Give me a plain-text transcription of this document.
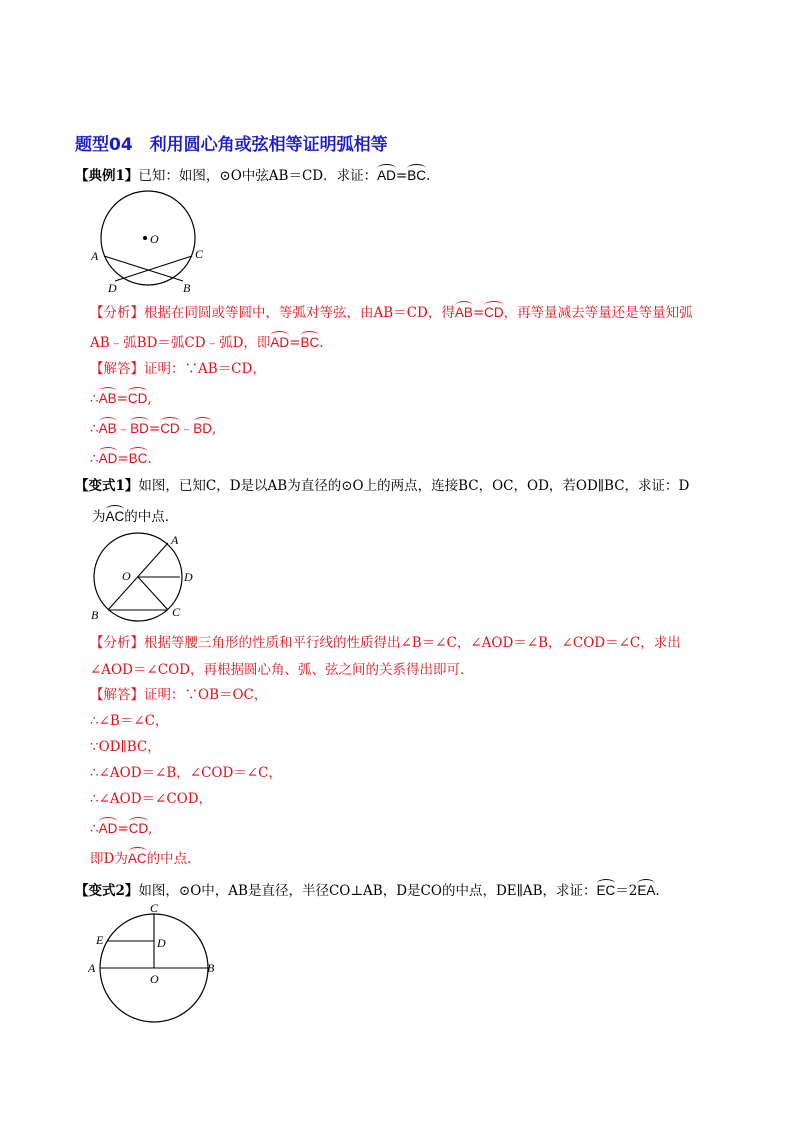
题型04　利用圆心角或弦相等证明弧相等
【典例1】已知：如图，⊙O中弦AB＝CD．求证：AD=BC.
O
A	C
D	B
【分析】根据在同圆或等圆中，等弧对等弦，由AB＝CD，得AB=CD，再等量减去等量还是等量知弧
AB﹣弧BD＝弧CD﹣弧D，即AD=BC.
【解答】证明：∵AB＝CD，
∴AB=CD,
∴AB﹣BD=CD﹣BD,
∴AD=BC.
【变式1】如图，已知C，D是以AB为直径的⊙O上的两点，连接BC，OC，OD，若OD∥BC，求证：D
为AC的中点．
A
O	D
B	C
【分析】根据等腰三角形的性质和平行线的性质得出∠B＝∠C，∠AOD＝∠B，∠COD＝∠C，求出
∠AOD＝∠COD，再根据圆心角、弧、弦之间的关系得出即可．
【解答】证明：∵OB＝OC，
∴∠B＝∠C，
∵OD∥BC，
∴∠AOD＝∠B，∠COD＝∠C，
∴∠AOD＝∠COD，
∴AD=CD,
即D为AC的中点．
【变式2】如图，⊙O中，AB是直径，半径CO⊥AB，D是CO的中点，DE∥AB，求证：EC＝2EA.
C
E	D
A	B
O
